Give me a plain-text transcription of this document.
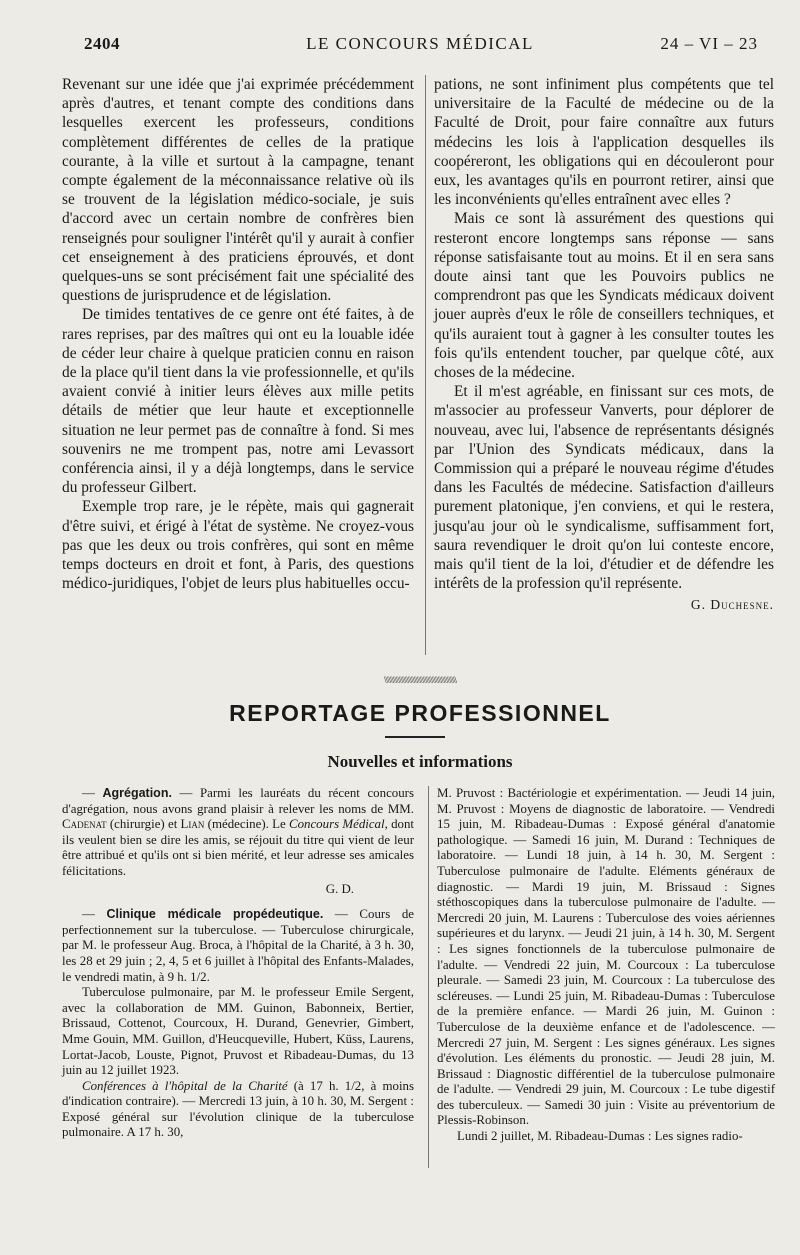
2404	LE CONCOURS MÉDICAL	24 – VI – 23

Revenant sur une idée que j'ai exprimée précédemment après d'autres, et tenant compte des conditions dans lesquelles exercent les professeurs, conditions complètement différentes de celles de la pratique courante, à la ville et surtout à la campagne, tenant compte également de la méconnaissance relative où ils se trouvent de la législation médico-sociale, je suis d'accord avec un certain nombre de confrères bien renseignés pour souligner l'intérêt qu'il y aurait à confier cet enseignement à des praticiens éprouvés, et dont quelques-uns se sont précisément fait une spécialité des questions de jurisprudence et de législation.

De timides tentatives de ce genre ont été faites, à de rares reprises, par des maîtres qui ont eu la louable idée de céder leur chaire à quelque praticien connu en raison de la place qu'il tient dans la vie professionnelle, et qu'ils avaient convié à initier leurs élèves aux mille petits détails de métier que leur haute et exceptionnelle situation ne leur permet pas de connaître à fond. Si mes souvenirs ne me trompent pas, notre ami Levassort conférencia ainsi, il y a déjà longtemps, dans le service du professeur Gilbert.

Exemple trop rare, je le répète, mais qui gagnerait d'être suivi, et érigé à l'état de système. Ne croyez-vous pas que les deux ou trois confrères, qui sont en même temps docteurs en droit et font, à Paris, des questions médico-juridiques, l'objet de leurs plus habituelles occu-

pations, ne sont infiniment plus compétents que tel universitaire de la Faculté de médecine ou de la Faculté de Droit, pour faire connaître aux futurs médecins les lois à l'application desquelles ils coopéreront, les obligations qui en découleront pour eux, les avantages qu'ils en pourront retirer, ainsi que les inconvénients qu'elles entraînent avec elles ?

Mais ce sont là assurément des questions qui resteront encore longtemps sans réponse — sans réponse satisfaisante tout au moins. Et il en sera sans doute ainsi tant que les Pouvoirs publics ne comprendront pas que les Syndicats médicaux doivent jouer auprès d'eux le rôle de conseillers techniques, et qu'ils auraient tout à gagner à les consulter toutes les fois qu'ils entendent toucher, par quelque côté, aux choses de la médecine.

Et il m'est agréable, en finissant sur ces mots, de m'associer au professeur Vanverts, pour déplorer de nouveau, avec lui, l'absence de représentants désignés par l'Union des Syndicats médicaux, dans la Commission qui a préparé le nouveau régime d'études dans les Facultés de médecine. Satisfaction d'ailleurs purement platonique, j'en conviens, et qui le restera, jusqu'au jour où le syndicalisme, suffisamment fort, saura revendiquer le droit qu'on lui conteste encore, mais qu'il tient de la loi, d'étudier et de défendre les intérêts de la profession qu'il représente.

G. Duchesne.
\\\\\\\\\\\\\\\\\\\\\\\\\\\\\\\\\\\\\\\\\\\\\\\\
REPORTAGE PROFESSIONNEL
Nouvelles et informations

— Agrégation. — Parmi les lauréats du récent concours d'agrégation, nous avons grand plaisir à relever les noms de MM. Cadenat (chirurgie) et Lian (médecine). Le Concours Médical, dont ils veulent bien se dire les amis, se réjouit du titre qui vient de leur être attribué et qu'ils ont si bien mérité, et leur adresse ses amicales félicitations.

G. D.

— Clinique médicale propédeutique. — Cours de perfectionnement sur la tuberculose. — Tuberculose chirurgicale, par M. le professeur Aug. Broca, à l'hôpital de la Charité, à 3 h. 30, les 28 et 29 juin ; 2, 4, 5 et 6 juillet à l'hôpital des Enfants-Malades, le vendredi matin, à 9 h. 1/2.

Tuberculose pulmonaire, par M. le professeur Emile Sergent, avec la collaboration de MM. Guinon, Babonneix, Bertier, Brissaud, Cottenot, Courcoux, H. Durand, Genevrier, Gimbert, Mme Gouin, MM. Guillon, d'Heucqueville, Hubert, Küss, Laurens, Lortat-Jacob, Louste, Pignot, Pruvost et Ribadeau-Dumas, du 13 juin au 12 juillet 1923.

Conférences à l'hôpital de la Charité (à 17 h. 1/2, à moins d'indication contraire). — Mercredi 13 juin, à 10 h. 30, M. Sergent : Exposé général sur l'évolution clinique de la tuberculose pulmonaire. A 17 h. 30,

M. Pruvost : Bactériologie et expérimentation. — Jeudi 14 juin, M. Pruvost : Moyens de diagnostic de laboratoire. — Vendredi 15 juin, M. Ribadeau-Dumas : Exposé général d'anatomie pathologique. — Samedi 16 juin, M. Durand : Techniques de laboratoire. — Lundi 18 juin, à 14 h. 30, M. Sergent : Tuberculose pulmonaire de l'adulte. Eléments généraux de diagnostic. — Mardi 19 juin, M. Brissaud : Signes stéthoscopiques dans la tuberculose pulmonaire de l'adulte. — Mercredi 20 juin, M. Laurens : Tuberculose des voies aériennes supérieures et du larynx. — Jeudi 21 juin, à 14 h. 30, M. Sergent : Les signes fonctionnels de la tuberculose pulmonaire de l'adulte. — Vendredi 22 juin, M. Courcoux : La tuberculose pleurale. — Samedi 23 juin, M. Courcoux : La tuberculose des scléreuses. — Lundi 25 juin, M. Ribadeau-Dumas : Tuberculose de la première enfance. — Mardi 26 juin, M. Guinon : Tuberculose de la deuxième enfance et de l'adolescence. — Mercredi 27 juin, M. Sergent : Les signes généraux. Les signes d'évolution. Les éléments du pronostic. — Jeudi 28 juin, M. Brissaud : Diagnostic différentiel de la tuberculose pulmonaire de l'adulte. — Vendredi 29 juin, M. Courcoux : Le tube digestif des tuberculeux. — Samedi 30 juin : Visite au préventorium de Plessis-Robinson.

Lundi 2 juillet, M. Ribadeau-Dumas : Les signes radio-
